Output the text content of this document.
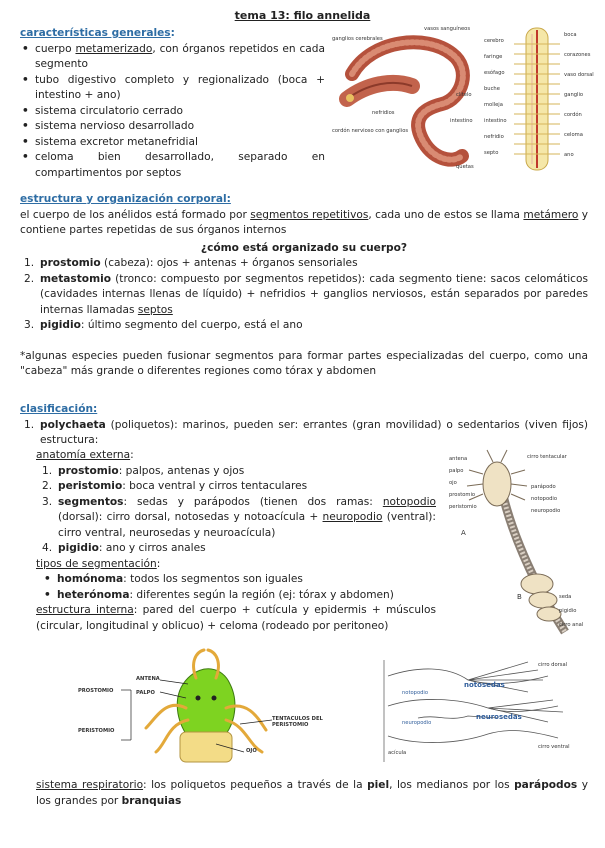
tema 13: filo annelida
características generales:
• cuerpo metamerizado, con órganos repetidos en cada segmento
• tubo digestivo completo y regionalizado (boca + intestino + ano)
• sistema circulatorio cerrado
• sistema nervioso desarrollado
• sistema excretor metanefridial
• celoma bien desarrollado, separado en compartimentos por septos
ganglios cerebrales
vasos sanguíneos
clitelo
nefridios
cordón nervioso con ganglios
intestino
quetas
cerebro
faringe
esófago
buche
molleja
intestino
nefridio
septo
boca
corazones
vaso dorsal
ganglio
cordón
celoma
ano
estructura y organización corporal:
el cuerpo de los anélidos está formado por segmentos repetitivos, cada uno de estos se llama metámero y contiene partes repetidas de sus órganos internos
¿cómo está organizado su cuerpo?
1. prostomio (cabeza): ojos + antenas + órganos sensoriales
2. metastomio (tronco: compuesto por segmentos repetidos): cada segmento tiene: sacos celomáticos (cavidades internas llenas de líquido) + nefridios + ganglios nerviosos, están separados por paredes internas llamadas septos
3. pigidio: último segmento del cuerpo, está el ano
*algunas especies pueden fusionar segmentos para formar partes especializadas del cuerpo, como una "cabeza" más grande o diferentes regiones como tórax y abdomen
clasificación:
1. polychaeta (poliquetos): marinos, pueden ser: errantes (gran movilidad) o sedentarios (viven fijos) estructura:
anatomía externa:
1. prostomio: palpos, antenas y ojos
2. peristomio: boca ventral y cirros tentaculares
3. segmentos: sedas y parápodos (tienen dos ramas: notopodio (dorsal): cirro dorsal, notosedas y notoacícula + neuropodio (ventral): cirro ventral, neurosedas y neuroacícula)
4. pigidio: ano y cirros anales
tipos de segmentación:
• homónoma: todos los segmentos son iguales
• heterónoma: diferentes según la región (ej: tórax y abdomen)
estructura interna: pared del cuerpo + cutícula y epidermis + músculos (circular, longitudinal y oblicuo) + celoma (rodeado por peritoneo)
antena
palpo
cirro tentacular
ojo
prostomio
peristomio
parápodo
notopodio
neuropodio
seda
pigidio
cirro anal
A
B
PROSTOMIO
PERISTOMIO
ANTENA
PALPO
TENTACULOS DEL PERISTOMIO
OJO
notosedas
neurosedas
notopodio
neuropodio
cirro dorsal
cirro ventral
acícula
sistema respiratorio: los poliquetos pequeños a través de la piel, los medianos por los parápodos y los grandes por branquias
